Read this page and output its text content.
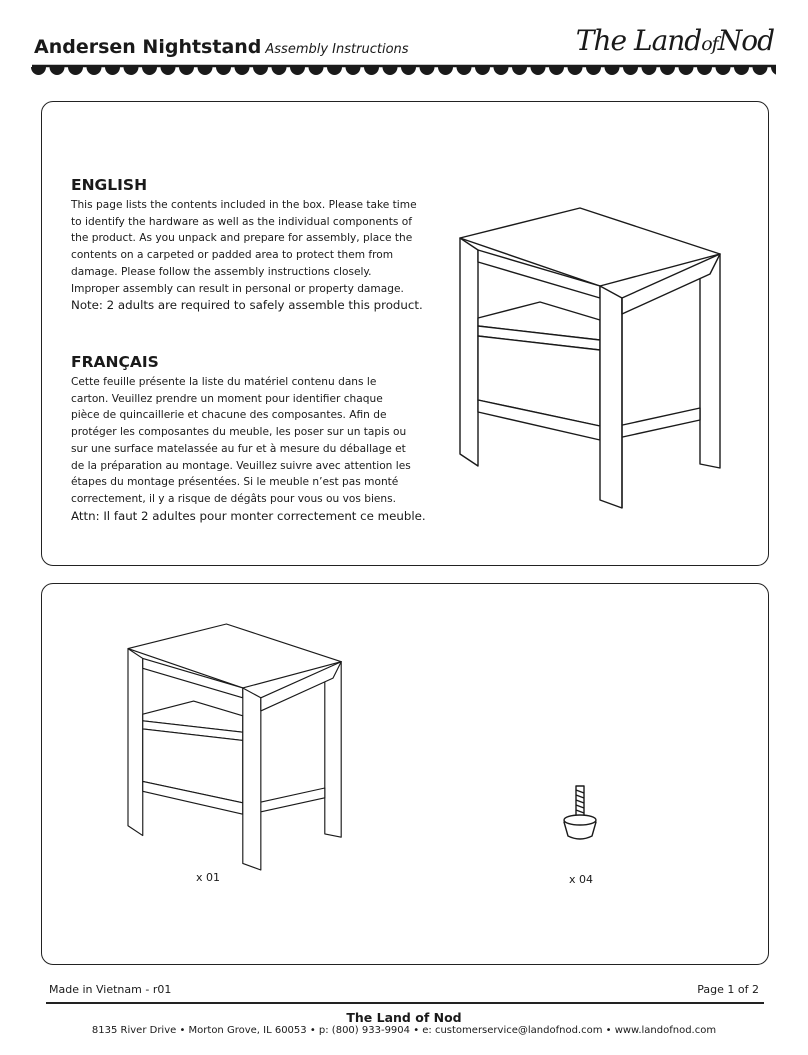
Andersen Nightstand Assembly Instructions	The LandofNod
ENGLISH

This page lists the contents included in the box. Please take time

to identify the hardware as well as the individual components of

the product. As you unpack and prepare for assembly, place the

contents on a carpeted or padded area to protect them from

damage. Please follow the assembly instructions closely.

Improper assembly can result in personal or property damage.

Note: 2 adults are required to safely assemble this product.

FRANÇAIS

Cette feuille présente la liste du matériel contenu dans le

carton. Veuillez prendre un moment pour identifier chaque

pièce de quincaillerie et chacune des composantes. Afin de

protéger les composantes du meuble, les poser sur un tapis ou

sur une surface matelassée au fur et à mesure du déballage et

de la préparation au montage. Veuillez suivre avec attention les

étapes du montage présentées. Si le meuble n’est pas monté

correctement, il y a risque de dégâts pour vous ou vos biens.

Attn: Il faut 2 adultes pour monter correctement ce meuble.

x 01	x 04
Made in Vietnam - r01	Page 1 of 2
The Land of Nod
8135 River Drive • Morton Grove, IL 60053 • p: (800) 933-9904 • e: customerservice@landofnod.com • www.landofnod.com
